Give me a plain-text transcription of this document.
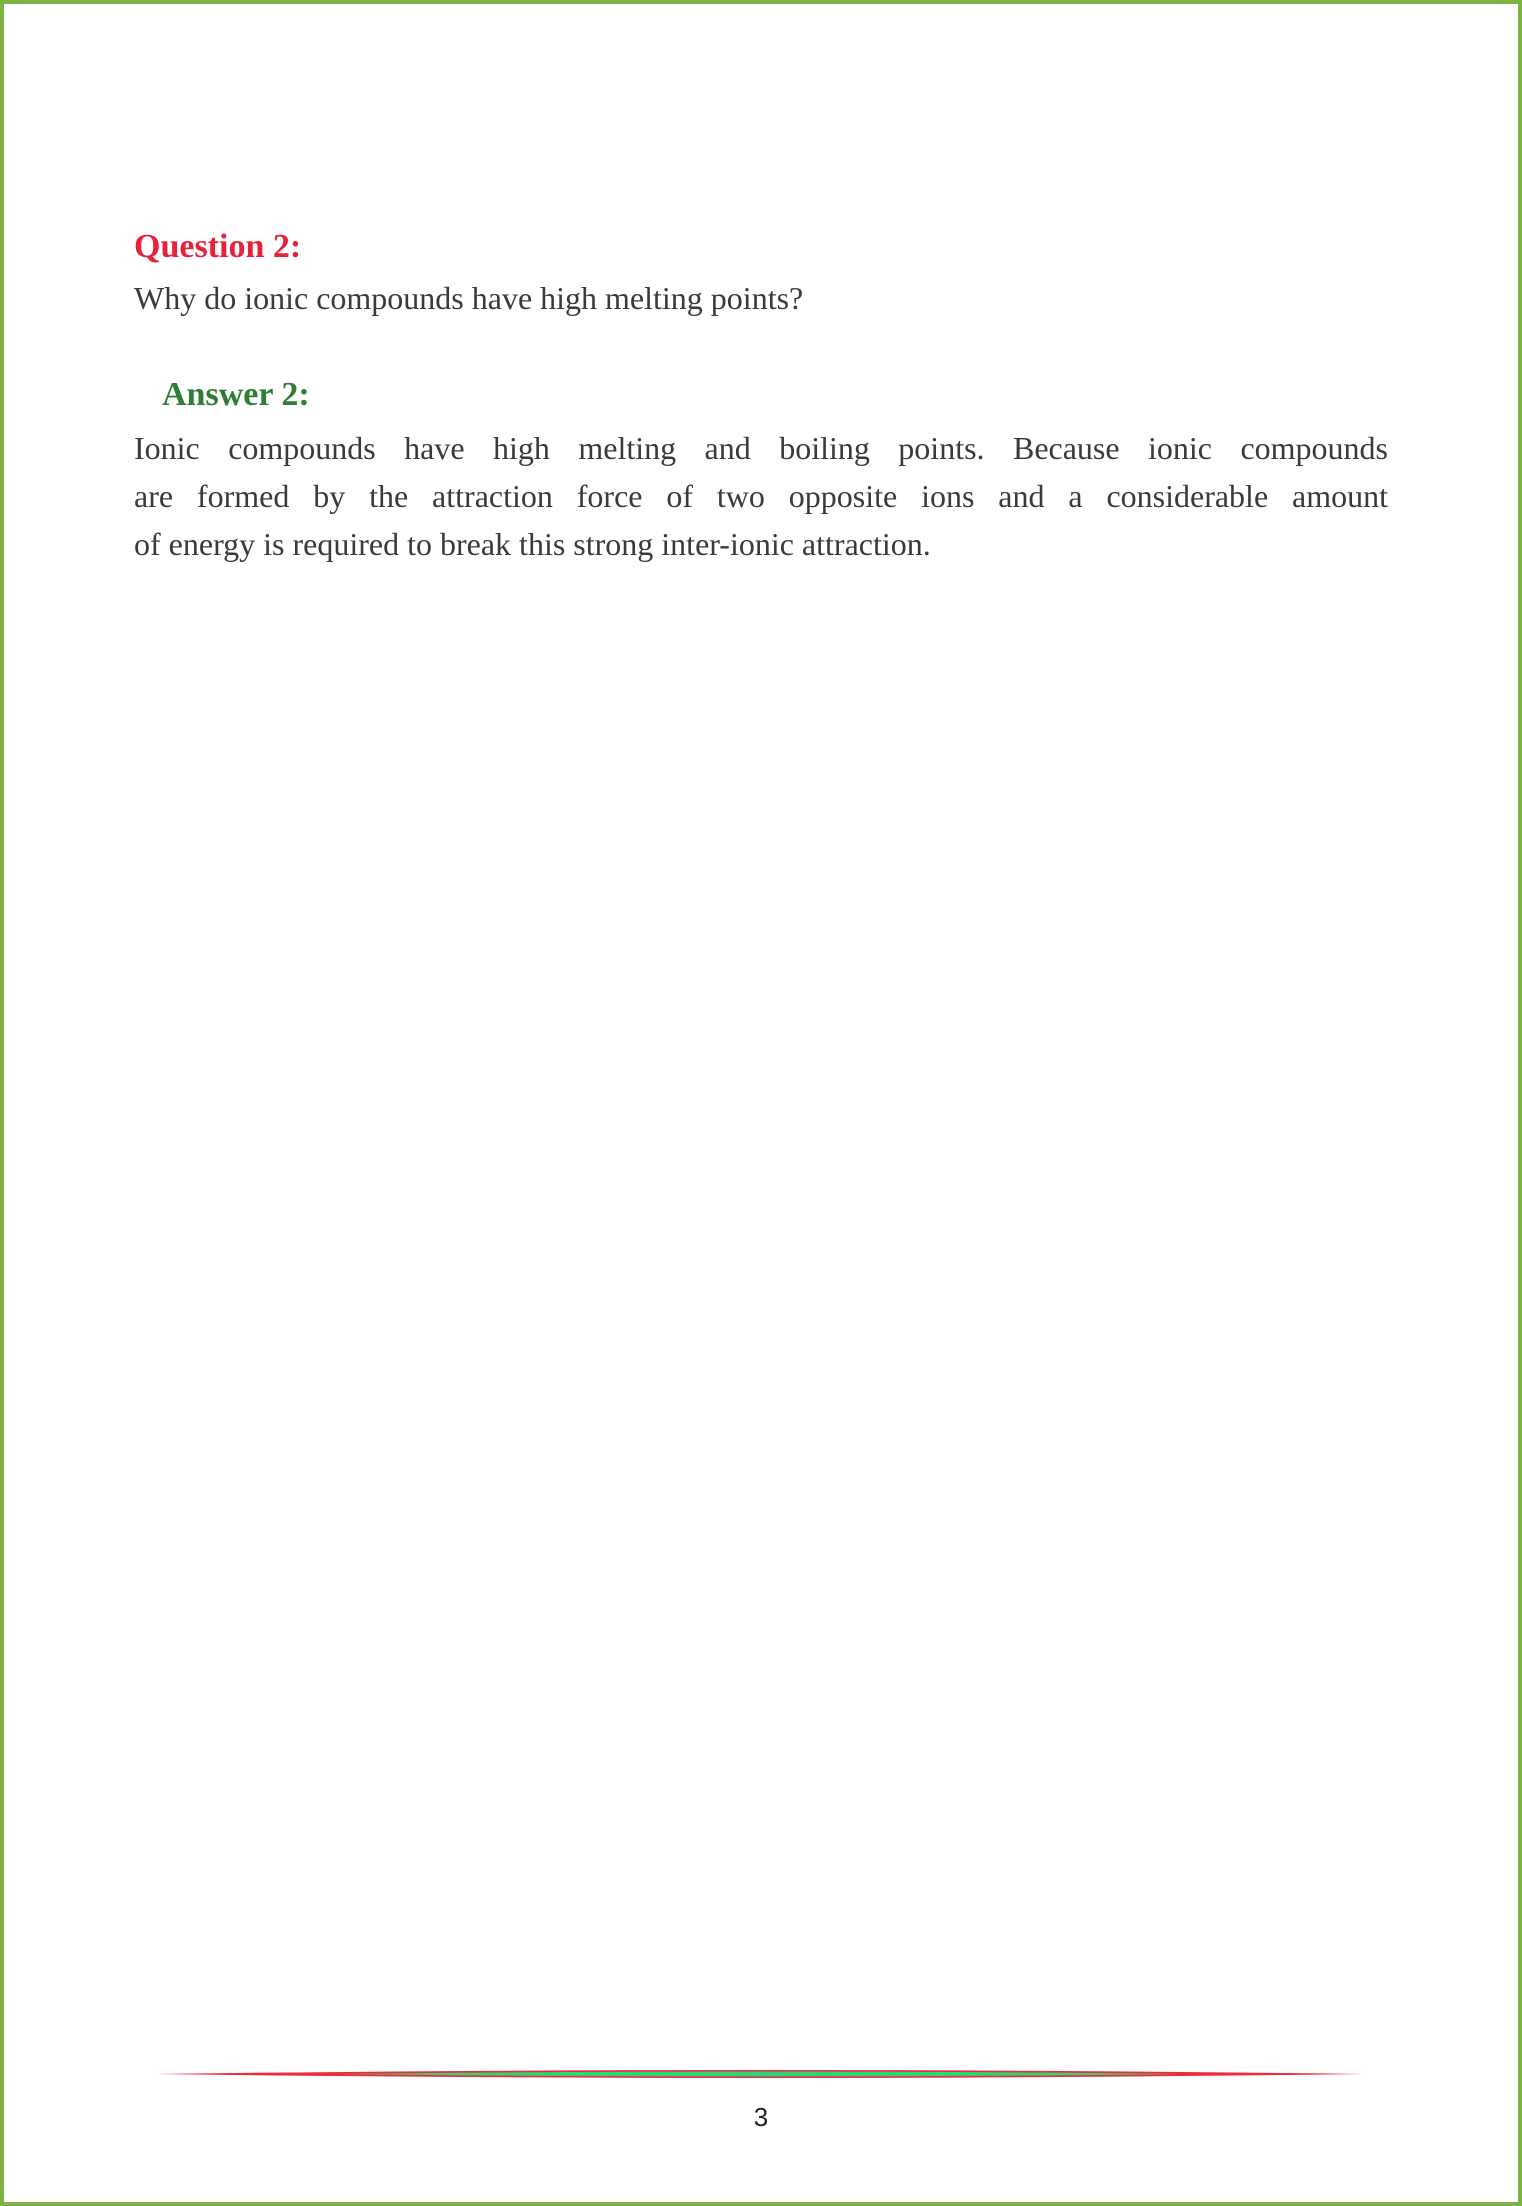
Question 2:
Why do ionic compounds have high melting points?
Answer 2:
Ionic compounds have high melting and boiling points. Because ionic compounds
are formed by the attraction force of two opposite ions and a considerable amount
of energy is required to break this strong inter-ionic attraction.
3
